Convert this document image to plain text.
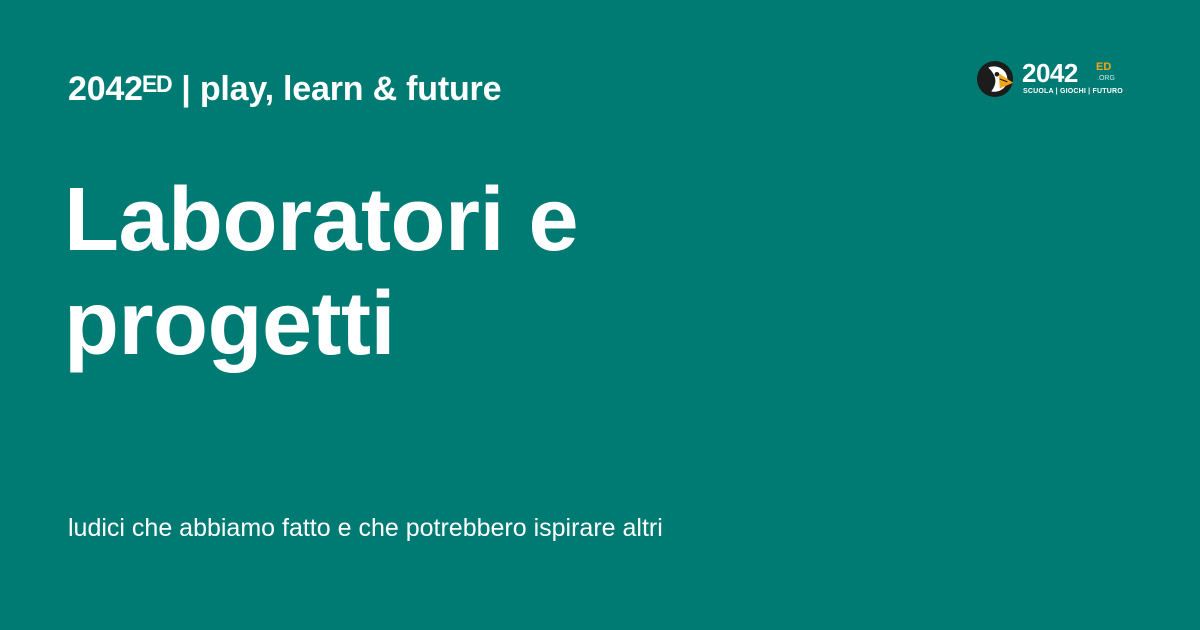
2042ᴱᴰ | play, learn & future
Laboratori e progetti
ludici che abbiamo fatto e che potrebbero ispirare altri
2042 ED
.ORG
SCUOLA | GIOCHI | FUTURO
